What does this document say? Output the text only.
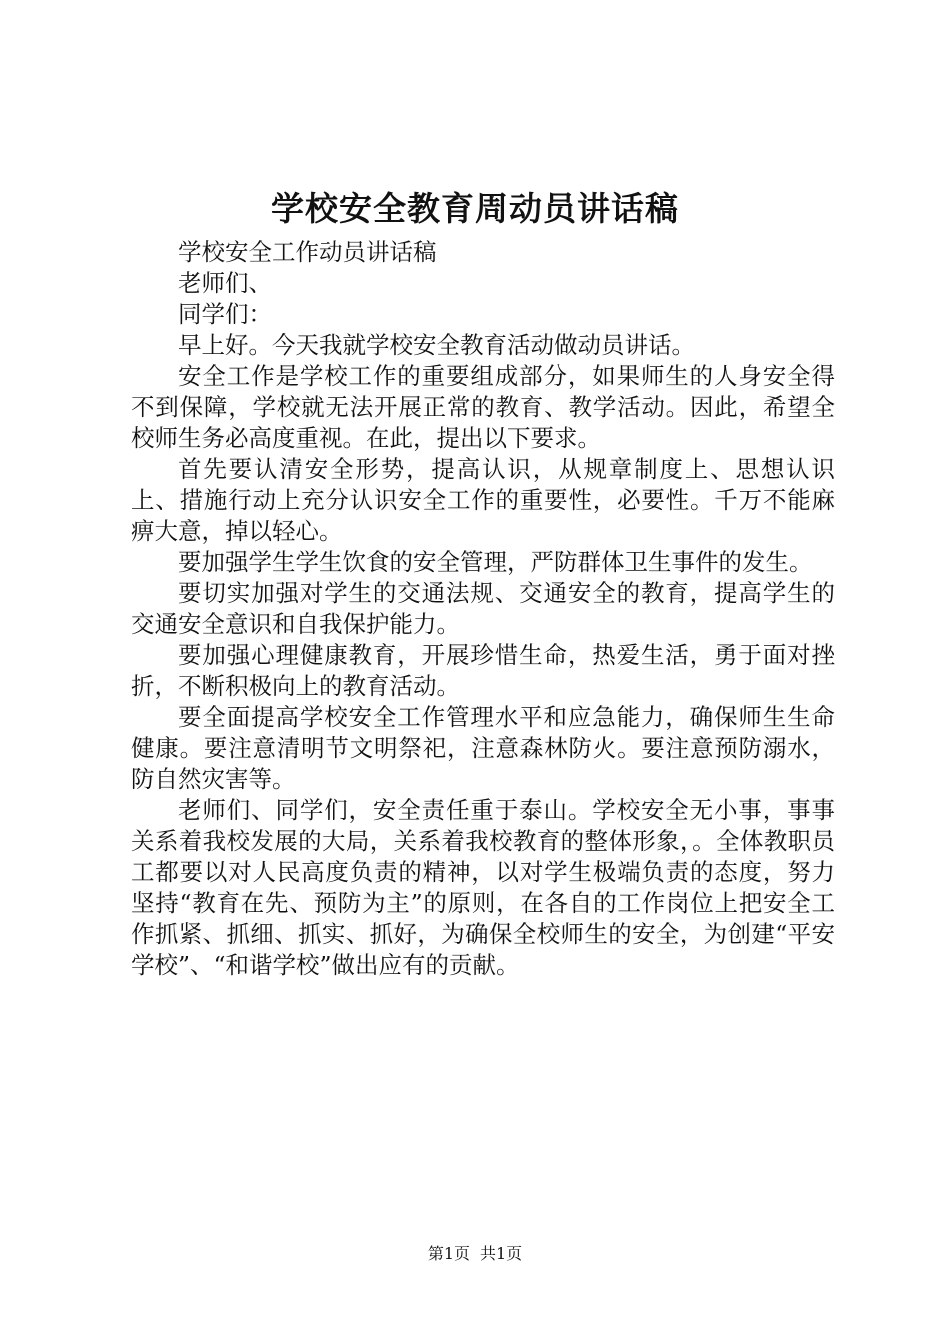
学校安全教育周动员讲话稿

学校安全工作动员讲话稿

老师们、

同学们：

早上好。今天我就学校安全教育活动做动员讲话。

安全工作是学校工作的重要组成部分，如果师生的人身安全得不到保障，学校就无法开展正常的教育、教学活动。因此，希望全校师生务必高度重视。在此，提出以下要求。

首先要认清安全形势，提高认识，从规章制度上、思想认识上、措施行动上充分认识安全工作的重要性，必要性。千万不能麻痹大意，掉以轻心。

要加强学生学生饮食的安全管理，严防群体卫生事件的发生。

要切实加强对学生的交通法规、交通安全的教育，提高学生的交通安全意识和自我保护能力。

要加强心理健康教育，开展珍惜生命，热爱生活，勇于面对挫折，不断积极向上的教育活动。

要全面提高学校安全工作管理水平和应急能力，确保师生生命健康。要注意清明节文明祭祀，注意森林防火。要注意预防溺水，防自然灾害等。

老师们、同学们，安全责任重于泰山。学校安全无小事，事事关系着我校发展的大局，关系着我校教育的整体形象，。全体教职员工都要以对人民高度负责的精神，以对学生极端负责的态度，努力坚持“教育在先、预防为主”的原则，在各自的工作岗位上把安全工作抓紧、抓细、抓实、抓好，为确保全校师生的安全，为创建“平安学校”、“和谐学校”做出应有的贡献。

第1页 共1页
